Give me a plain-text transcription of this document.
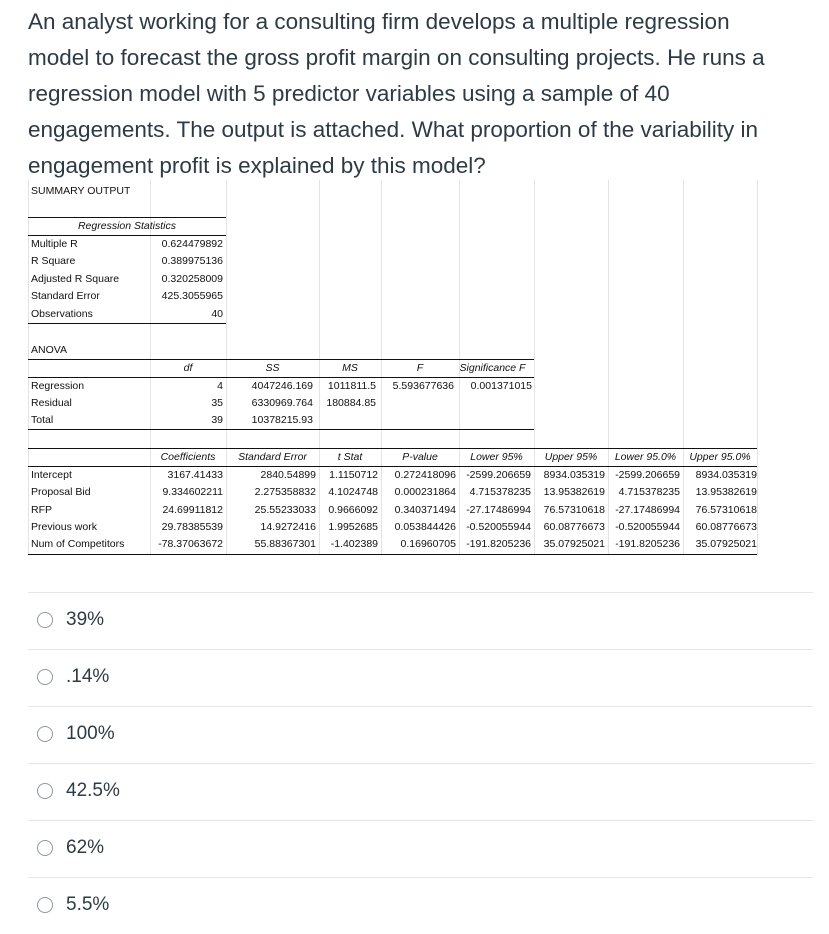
An analyst working for a consulting firm develops a multiple regression
model to forecast the gross profit margin on consulting projects. He runs a
regression model with 5 predictor variables using a sample of 40
engagements. The output is attached. What proportion of the variability in
engagement profit is explained by this model?
SUMMARY OUTPUT
Regression Statistics
Multiple R	0.624479892
R Square	0.389975136
Adjusted R Square	0.320258009
Standard Error	425.3055965
Observations	40
ANOVA
df	SS	MS	F	Significance F
Regression	4	4047246.169	1011811.5	5.593677636	0.001371015
Residual	35	6330969.764	180884.85
Total	39	10378215.93
Coefficients	Standard Error	t Stat	P-value	Lower 95%	Upper 95%	Lower 95.0%	Upper 95.0%
Intercept	3167.41433	2840.54899	1.1150712	0.272418096 -2599.206659	8934.035319 -2599.206659	8934.035319
Proposal Bid	9.334602211	2.275358832	4.1024748	0.000231864	4.715378235	13.95382619	4.715378235	13.95382619
RFP	24.69911812	25.55233033	0.9666092	0.340371494 -27.17486994	76.57310618 -27.17486994	76.57310618
Previous work	29.78385539	14.9272416	1.9952685	0.053844426 -0.520055944	60.08776673 -0.520055944	60.08776673
Num of Competitors	-78.37063672	55.88367301	-1.402389	0.16960705 -191.8205236	35.07925021 -191.8205236	35.07925021
39%
.14%
100%
42.5%
62%
5.5%
